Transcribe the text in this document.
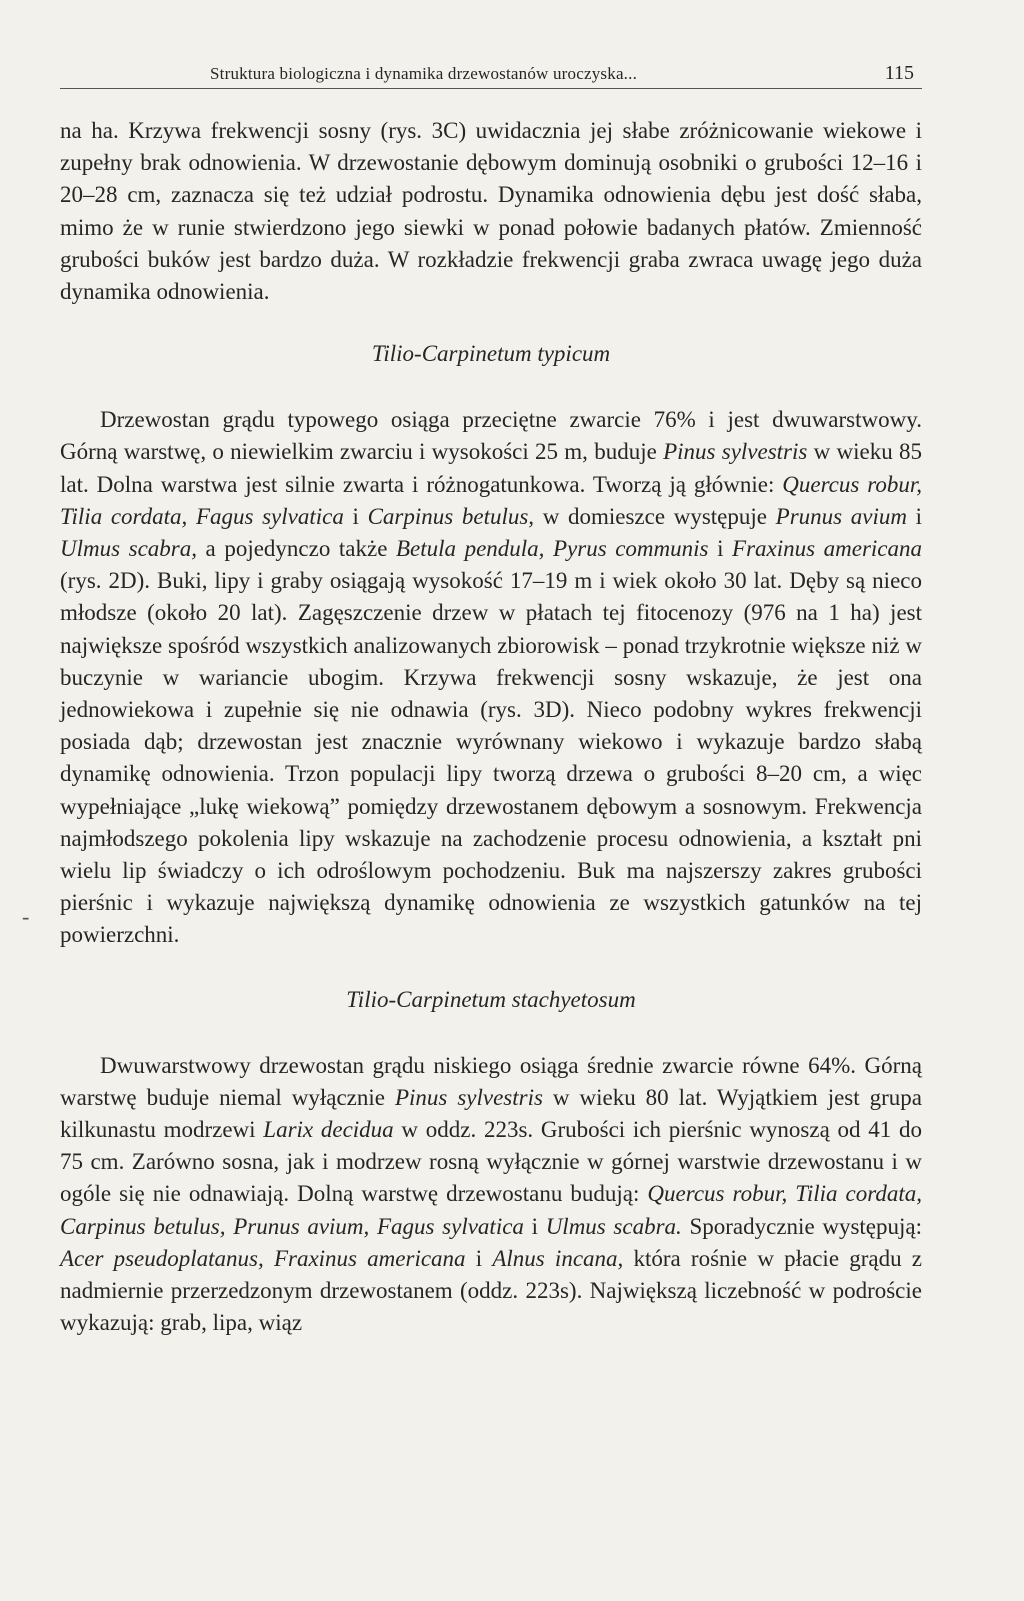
Struktura biologiczna i dynamika drzewostanów uroczyska...	115

na ha. Krzywa frekwencji sosny (rys. 3C) uwidacznia jej słabe zróżnicowanie wiekowe i zupełny brak odnowienia. W drzewostanie dębowym dominują osobniki o grubości 12–16 i 20–28 cm, zaznacza się też udział podrostu. Dynamika odnowienia dębu jest dość słaba, mimo że w runie stwierdzono jego siewki w ponad połowie badanych płatów. Zmienność grubości buków jest bardzo duża. W rozkładzie frekwencji graba zwraca uwagę jego duża dynamika odnowienia.

Tilio-Carpinetum typicum

Drzewostan grądu typowego osiąga przeciętne zwarcie 76% i jest dwuwarstwowy. Górną warstwę, o niewielkim zwarciu i wysokości 25 m, buduje Pinus sylvestris w wieku 85 lat. Dolna warstwa jest silnie zwarta i różnogatunkowa. Tworzą ją głównie: Quercus robur, Tilia cordata, Fagus sylvatica i Carpinus betulus, w domieszce występuje Prunus avium i Ulmus scabra, a pojedynczo także Betula pendula, Pyrus communis i Fraxinus americana (rys. 2D). Buki, lipy i graby osiągają wysokość 17–19 m i wiek około 30 lat. Dęby są nieco młodsze (około 20 lat). Zagęszczenie drzew w płatach tej fitocenozy (976 na 1 ha) jest największe spośród wszystkich analizowanych zbiorowisk – ponad trzykrotnie większe niż w buczynie w wariancie ubogim. Krzywa frekwencji sosny wskazuje, że jest ona jednowiekowa i zupełnie się nie odnawia (rys. 3D). Nieco podobny wykres frekwencji posiada dąb; drzewostan jest znacznie wyrównany wiekowo i wykazuje bardzo słabą dynamikę odnowienia. Trzon populacji lipy tworzą drzewa o grubości 8–20 cm, a więc wypełniające „lukę wiekową” pomiędzy drzewostanem dębowym a sosnowym. Frekwencja najmłodszego pokolenia lipy wskazuje na zachodzenie procesu odnowienia, a kształt pni wielu lip świadczy o ich odroślowym pochodzeniu. Buk ma najszerszy zakres grubości pierśnic i wykazuje największą dynamikę odnowienia ze wszystkich gatunków na tej powierzchni.

Tilio-Carpinetum stachyetosum

Dwuwarstwowy drzewostan grądu niskiego osiąga średnie zwarcie równe 64%. Górną warstwę buduje niemal wyłącznie Pinus sylvestris w wieku 80 lat. Wyjątkiem jest grupa kilkunastu modrzewi Larix decidua w oddz. 223s. Grubości ich pierśnic wynoszą od 41 do 75 cm. Zarówno sosna, jak i modrzew rosną wyłącznie w górnej warstwie drzewostanu i w ogóle się nie odnawiają. Dolną warstwę drzewostanu budują: Quercus robur, Tilia cordata, Carpinus betulus, Prunus avium, Fagus sylvatica i Ulmus scabra. Sporadycznie występują: Acer pseudoplatanus, Fraxinus americana i Alnus incana, która rośnie w płacie grądu z nadmiernie przerzedzonym drzewostanem (oddz. 223s). Największą liczebność w podroście wykazują: grab, lipa, wiąz

-
